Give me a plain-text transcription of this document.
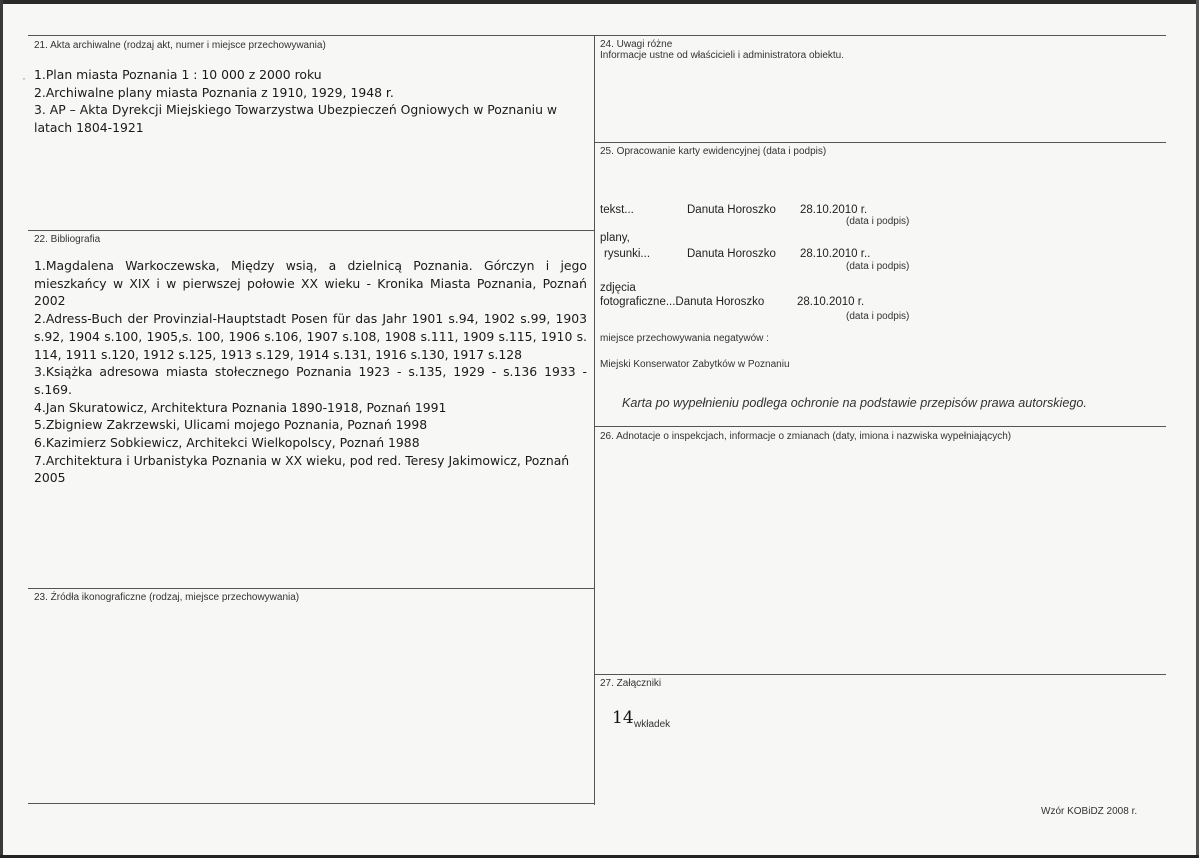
21. Akta archiwalne (rodzaj akt, numer i miejsce przechowywania)
· 1.Plan miasta Poznania 1 : 10 000 z 2000 roku
2.Archiwalne plany miasta Poznania z 1910, 1929, 1948 r.
3. AP – Akta Dyrekcji Miejskiego Towarzystwa Ubezpieczeń Ogniowych w Poznaniu w
latach 1804-1921
22. Bibliografia
1.Magdalena Warkoczewska, Między wsią, a dzielnicą Poznania. Górczyn i jego
mieszkańcy w XIX i w pierwszej połowie XX wieku - Kronika Miasta Poznania, Poznań
2002
2.Adress-Buch der Provinzial-Hauptstadt Posen für das Jahr 1901 s.94, 1902 s.99, 1903
s.92, 1904 s.100, 1905,s. 100, 1906 s.106, 1907 s.108, 1908 s.111, 1909 s.115, 1910 s.
114, 1911 s.120, 1912 s.125, 1913 s.129, 1914 s.131, 1916 s.130, 1917 s.128
3.Książka adresowa miasta stołecznego Poznania 1923 - s.135, 1929 - s.136 1933 -
s.169.
4.Jan Skuratowicz, Architektura Poznania 1890-1918, Poznań 1991
5.Zbigniew Zakrzewski, Ulicami mojego Poznania, Poznań 1998
6.Kazimierz Sobkiewicz, Architekci Wielkopolscy, Poznań 1988
7.Architektura i Urbanistyka Poznania w XX wieku, pod red. Teresy Jakimowicz, Poznań
2005
23. Źródła ikonograficzne (rodzaj, miejsce przechowywania)
24. Uwagi różne
Informacje ustne od właścicieli i administratora obiektu.
25. Opracowanie karty ewidencyjnej (data i podpis)
tekst...	Danuta Horoszko 28.10.2010 r.
(data i podpis)
plany,
rysunki...	Danuta Horoszko 28.10.2010 r..
(data i podpis)
zdjęcia
fotograficzne...Danuta Horoszko	28.10.2010 r.
(data i podpis)
miejsce przechowywania negatywów :
Miejski Konserwator Zabytków w Poznaniu
Karta po wypełnieniu podlega ochronie na podstawie przepisów prawa autorskiego.
26. Adnotacje o inspekcjach, informacje o zmianach (daty, imiona i nazwiska wypełniających)
27. Załączniki
14 wkładek
Wzór KOBiDZ 2008 r.
